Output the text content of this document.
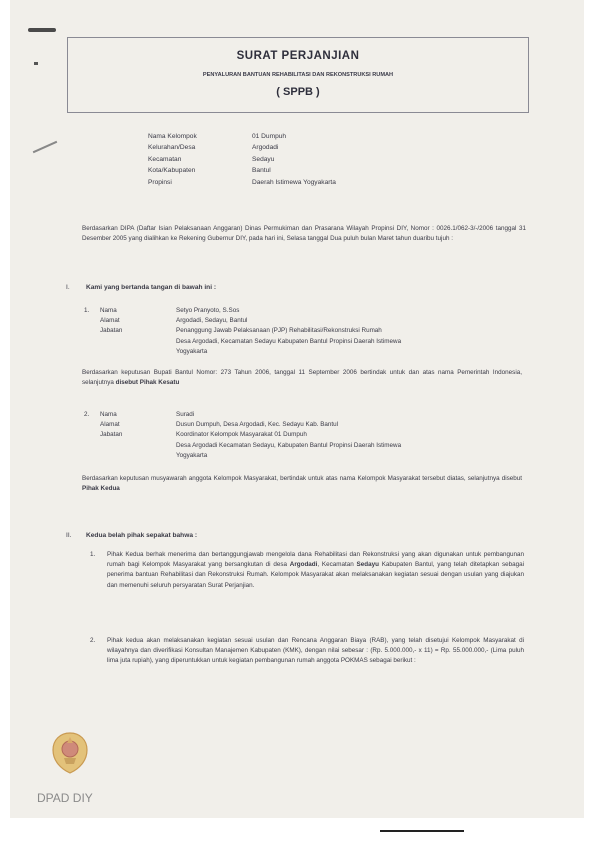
SURAT PERJANJIAN
PENYALURAN BANTUAN REHABILITASI DAN REKONSTRUKSI RUMAH
( SPPB )
Nama Kelompok	01 Dumpuh
Kelurahan/Desa	Argodadi
Kecamatan	Sedayu
Kota/Kabupaten	Bantul
Propinsi	Daerah Istimewa Yogyakarta
Berdasarkan DIPA (Daftar Isian Pelaksanaan Anggaran) Dinas Permukiman dan Prasarana Wilayah Propinsi DIY, Nomor : 0026.1/062-3/-/2006 tanggal 31 Desember 2005 yang dialihkan ke Rekening Gubernur DIY, pada hari ini, Selasa tanggal Dua puluh bulan Maret tahun duaribu tujuh :
I. Kami yang bertanda tangan di bawah ini :
1. Nama	Setyo Pranyoto, S.Sos
Alamat	Argodadi, Sedayu, Bantul
Jabatan	Penanggung Jawab Pelaksanaan (PJP) Rehabilitasi/Rekonstruksi Rumah
Desa Argodadi, Kecamatan Sedayu Kabupaten Bantul Propinsi Daerah Istimewa
Yogyakarta
Berdasarkan keputusan Bupati Bantul Nomor: 273 Tahun 2006, tanggal 11 September 2006 bertindak untuk dan atas nama Pemerintah Indonesia, selanjutnya disebut Pihak Kesatu
2. Nama	Suradi
Alamat	Dusun Dumpuh, Desa Argodadi, Kec. Sedayu Kab. Bantul
Jabatan	Koordinator Kelompok Masyarakat 01 Dumpuh
Desa Argodadi Kecamatan Sedayu, Kabupaten Bantul Propinsi Daerah Istimewa
Yogyakarta
Berdasarkan keputusan musyawarah anggota Kelompok Masyarakat, bertindak untuk atas nama Kelompok Masyarakat tersebut diatas, selanjutnya disebut Pihak Kedua
II. Kedua belah pihak sepakat bahwa :
1. Pihak Kedua berhak menerima dan bertanggungjawab mengelola dana Rehabilitasi dan Rekonstruksi yang akan digunakan untuk pembangunan rumah bagi Kelompok Masyarakat yang bersangkutan di desa Argodadi, Kecamatan Sedayu Kabupaten Bantul, yang telah ditetapkan sebagai penerima bantuan Rehabilitasi dan Rekonstruksi Rumah. Kelompok Masyarakat akan melaksanakan kegiatan sesuai dengan usulan yang diajukan dan memenuhi seluruh persyaratan Surat Perjanjian.
2. Pihak kedua akan melaksanakan kegiatan sesuai usulan dan Rencana Anggaran Biaya (RAB), yang telah disetujui Kelompok Masyarakat di wilayahnya dan diverifikasi Konsultan Manajemen Kabupaten (KMK), dengan nilai sebesar : (Rp. 5.000.000,- x 11) = Rp. 55.000.000,- (Lima puluh lima juta rupiah), yang diperuntukkan untuk kegiatan pembangunan rumah anggota POKMAS sebagai berikut :
DPAD DIY
